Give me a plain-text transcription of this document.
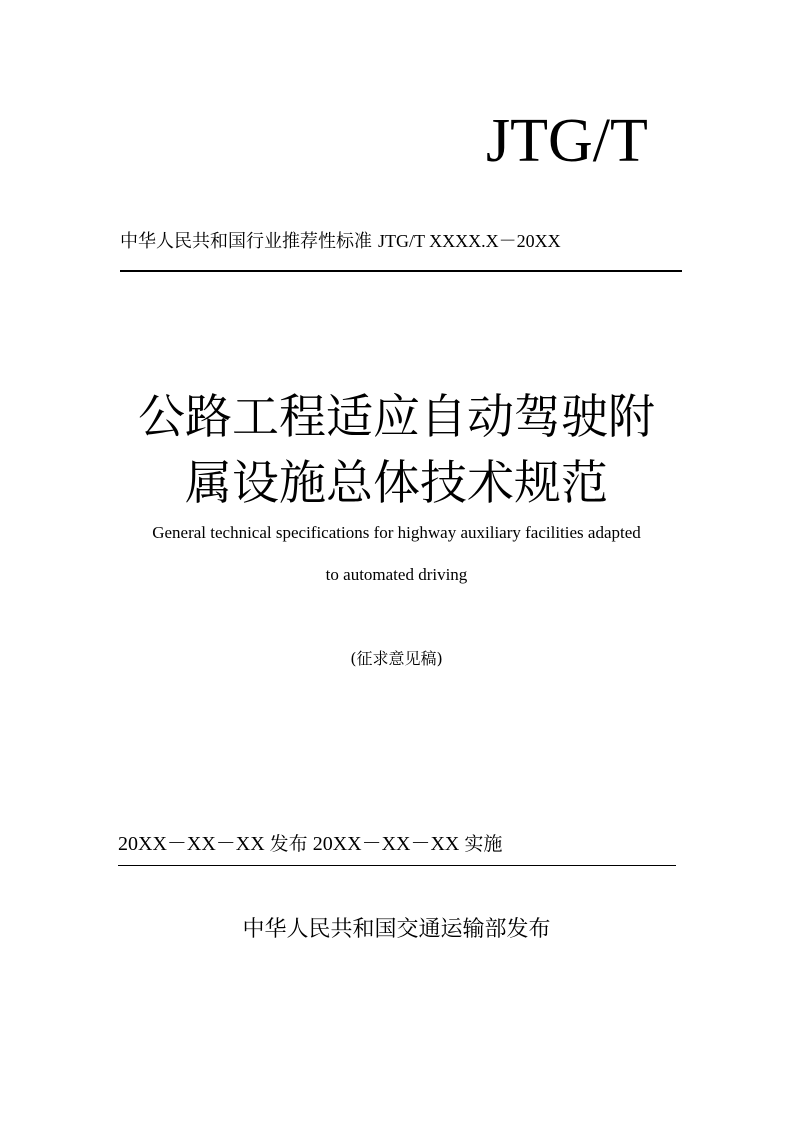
JTG/T
中华人民共和国行业推荐性标准 JTG/T XXXX.X－20XX
公路工程适应自动驾驶附
属设施总体技术规范
General technical specifications for highway auxiliary facilities adapted
to automated driving
(征求意见稿)
20XX－XX－XX 发布 20XX－XX－XX 实施
中华人民共和国交通运输部发布
